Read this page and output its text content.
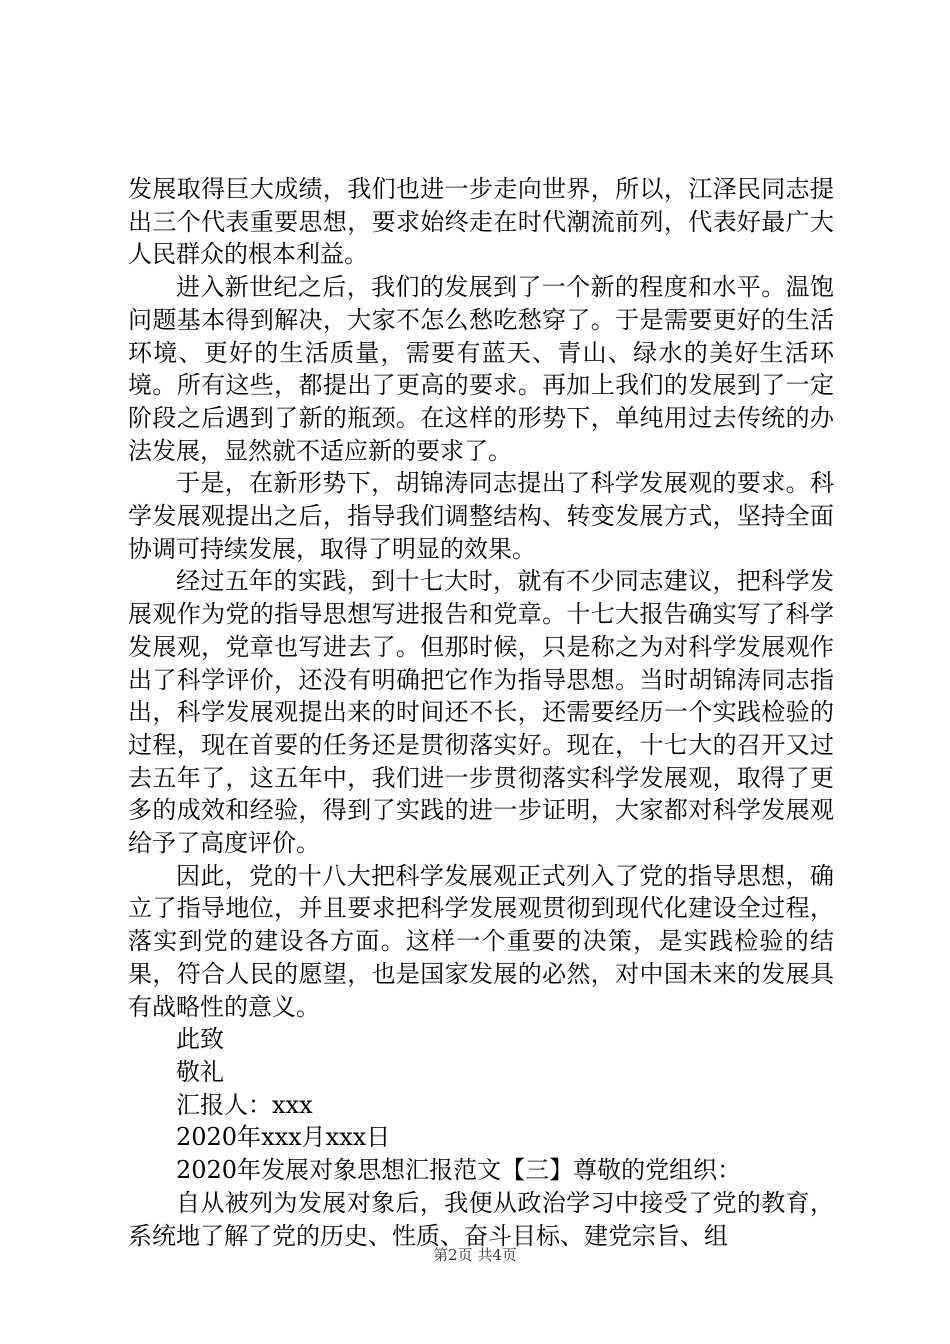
发展取得巨大成绩，我们也进一步走向世界，所以，江泽民同志提出三个代表重要思想，要求始终走在时代潮流前列，代表好最广大人民群众的根本利益。

进入新世纪之后，我们的发展到了一个新的程度和水平。温饱问题基本得到解决，大家不怎么愁吃愁穿了。于是需要更好的生活环境、更好的生活质量，需要有蓝天、青山、绿水的美好生活环境。所有这些，都提出了更高的要求。再加上我们的发展到了一定阶段之后遇到了新的瓶颈。在这样的形势下，单纯用过去传统的办法发展，显然就不适应新的要求了。

于是，在新形势下，胡锦涛同志提出了科学发展观的要求。科学发展观提出之后，指导我们调整结构、转变发展方式，坚持全面协调可持续发展，取得了明显的效果。

经过五年的实践，到十七大时，就有不少同志建议，把科学发展观作为党的指导思想写进报告和党章。十七大报告确实写了科学发展观，党章也写进去了。但那时候，只是称之为对科学发展观作出了科学评价，还没有明确把它作为指导思想。当时胡锦涛同志指出，科学发展观提出来的时间还不长，还需要经历一个实践检验的过程，现在首要的任务还是贯彻落实好。现在，十七大的召开又过去五年了，这五年中，我们进一步贯彻落实科学发展观，取得了更多的成效和经验，得到了实践的进一步证明，大家都对科学发展观给予了高度评价。

因此，党的十八大把科学发展观正式列入了党的指导思想，确立了指导地位，并且要求把科学发展观贯彻到现代化建设全过程，落实到党的建设各方面。这样一个重要的决策，是实践检验的结果，符合人民的愿望，也是国家发展的必然，对中国未来的发展具有战略性的意义。

此致

敬礼

汇报人：xxx

2020年xxx月xxx日

2020年发展对象思想汇报范文【三】尊敬的党组织：

自从被列为发展对象后，我便从政治学习中接受了党的教育，系统地了解了党的历史、性质、奋斗目标、建党宗旨、组

第2页 共4页
